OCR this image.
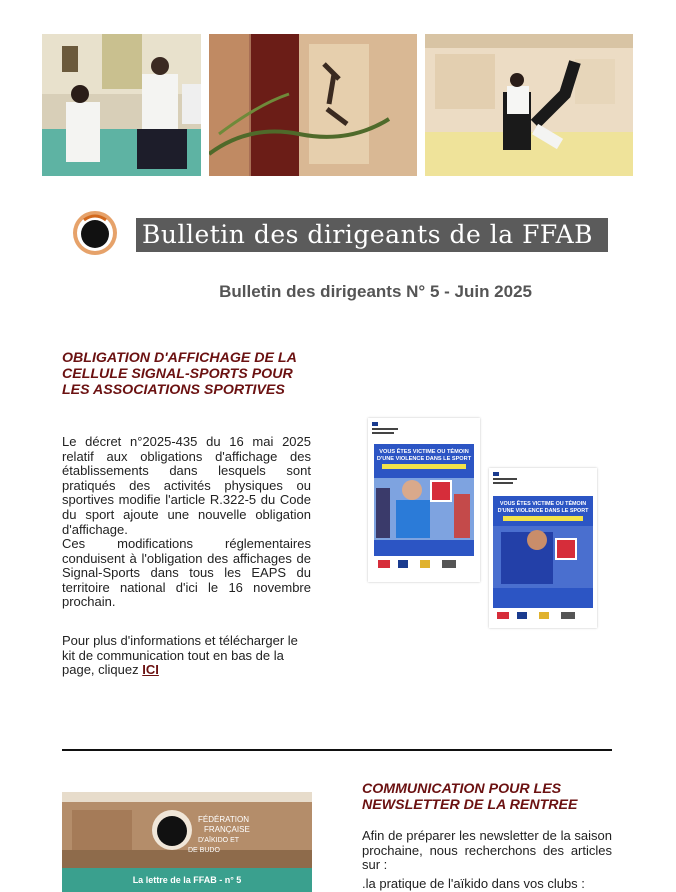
Bulletin des dirigeants de la FFAB
Bulletin des dirigeants N° 5 - Juin 2025
OBLIGATION D'AFFICHAGE DE LA CELLULE SIGNAL-SPORTS POUR LES ASSOCIATIONS SPORTIVES
Le décret n°2025-435 du 16 mai 2025 relatif aux obligations d'affichage des établissements dans lesquels sont pratiqués des activités physiques ou sportives modifie l'article R.322-5 du Code du sport ajoute une nouvelle obligation d'affichage.
Ces modifications réglementaires conduisent à l'obligation des affichages de Signal-Sports dans tous les EAPS du territoire national d'ici le 16 novembre prochain.
Pour plus d'informations et télécharger le kit de communication tout en bas de la page, cliquez ICI
VOUS ÊTES VICTIME OU TÉMOIN
D'UNE VIOLENCE DANS LE SPORT
VOUS ÊTES VICTIME OU TÉMOIN
D'UNE VIOLENCE DANS LE SPORT
FÉDÉRATION
FRANÇAISE
D'AÏKIDO ET
DE BUDO
La lettre de la FFAB - n° 5
COMMUNICATION POUR LES NEWSLETTER DE LA RENTREE
Afin de préparer les newsletter de la saison prochaine, nous recherchons des articles sur :
.la pratique de l'aïkido dans vos clubs :
